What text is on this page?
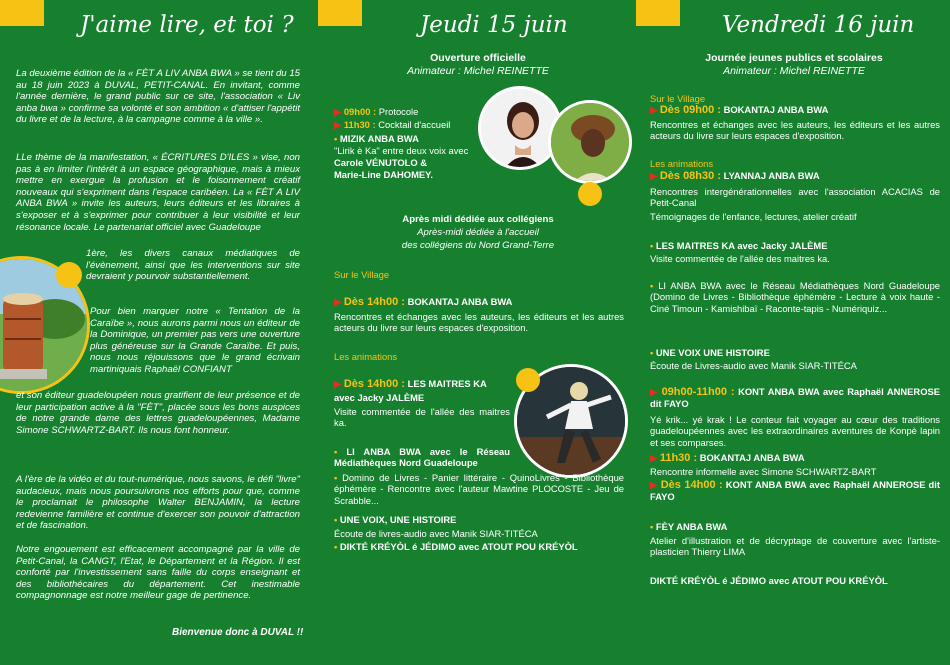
J'aime lire, et toi ?
La deuxième édition de la « FÈT A LIV ANBA BWA » se tient du 15 au 18 juin 2023 à DUVAL, PETIT-CANAL. En invitant, comme l'année dernière, le grand public sur ce site, l'association « Liv anba bwa » confirme sa volonté et son ambition « d'attiser l'appétit du livre et de la lecture, à la campagne comme à la ville ».
LLe thème de la manifestation, « ÉCRITURES D'ILES » vise, non pas à en limiter l'intérêt à un espace géographique, mais à mieux mettre en exergue la profusion et le foisonnement créatif nouveaux qui s'expriment dans l'espace caribéen. La « FÈT A LIV ANBA BWA » invite les auteurs, leurs éditeurs et les libraires à s'exposer et à s'exprimer pour contribuer à leur visibilité et leur résonance locale. Le partenariat officiel avec Guadeloupe
1ère, les divers canaux médiatiques de l'évènement, ainsi que les interventions sur site devraient y pourvoir substantiellement.
Pour bien marquer notre « Tentation de la Caraïbe », nous aurons parmi nous un éditeur de la Dominique, un premier pas vers une ouverture plus généreuse sur la Grande Caraïbe. Et puis, nous nous réjouissons que le grand écrivain martiniquais Raphaël CONFIANT
et son éditeur guadeloupéen nous gratifient de leur présence et de leur participation active à la "FÈT", placée sous les bons auspices de notre grande dame des lettres guadeloupéennes, Madame Simone SCHWARTZ-BART. Ils nous font honneur.
A l'ère de la vidéo et du tout-numérique, nous savons, le défi "livre" audacieux, mais nous poursuivrons nos efforts pour que, comme le proclamait le philosophe Walter BENJAMIN, la lecture redevienne familière et continue d'exercer son pouvoir d'attraction et de fascination.
Notre engouement est efficacement accompagné par la ville de Petit-Canal, la CANGT, l'Etat, le Département et la Région. Il est conforté par l'investissement sans faille du corps enseignant et des bibliothécaires du département. Cet inestimable compagnonnage est notre meilleur gage de pertinence.
Bienvenue donc à DUVAL !!
Jeudi 15 juin
Ouverture officielle
Animateur : Michel REINETTE
▶ 09h00 : Protocole
▶ 11h30 : Cocktail d'accueil
• MIZIK ANBA BWA
"Lirik è Ka" entre deux voix avec
Carole VÉNUTOLO &
Marie-Line DAHOMEY.
Après midi dédiée aux collégiens
Après-midi dédiée à l'accueil
des collégiens du Nord Grand-Terre
Sur le Village
▶ Dès 14h00 : BOKANTAJ ANBA BWA
Rencontres et échanges avec les auteurs, les éditeurs et les autres acteurs du livre sur leurs espaces d'exposition.
Les animations
▶ Dès 14h00 : LES MAITRES KA
avec Jacky JALÈME
Visite commentée de l'allée des maitres ka.
• LI ANBA BWA avec le Réseau Médiathèques Nord Guadeloupe
• Domino de Livres - Panier littéraire - QuinoLivres - Bibliothèque éphémère - Rencontre avec l'auteur Mawtine PLOCOSTE - Jeu de Scrabble...
• UNE VOIX, UNE HISTOIRE
Écoute de livres-audio avec Manik SIAR-TITÉCA
• DIKTÉ KRÉYÒL é JÉDIMO avec ATOUT POU KRÉYÒL
Vendredi 16 juin
Journée jeunes publics et scolaires
Animateur : Michel REINETTE
Sur le Village
▶ Dès 09h00 : BOKANTAJ ANBA BWA
Rencontres et échanges avec les auteurs, les éditeurs et les autres acteurs du livre sur leurs espaces d'exposition.
Les animations
▶ Dès 08h30 : LYANNAJ ANBA BWA
Rencontres intergénérationnelles avec l'association ACACIAS de Petit-Canal
Témoignages de l'enfance, lectures, atelier créatif
• LES MAITRES KA avec Jacky JALÈME
Visite commentée de l'allée des maitres ka.
• LI ANBA BWA avec le Réseau Médiathèques Nord Guadeloupe (Domino de Livres - Bibliothèque éphémère - Lecture à voix haute - Ciné Timoun - Kamishibaï - Raconte-tapis - Numériquiz...
• UNE VOIX UNE HISTOIRE
Écoute de Livres-audio avec Manik SIAR-TITÉCA
▶ 09h00-11h00 : KONT ANBA BWA avec Raphaël ANNEROSE dit FAYO
Yé krik... yé krak ! Le conteur fait voyager au cœur des traditions guadeloupéennes avec les extraordinaires aventures de Konpè lapin et ses comparses.
▶ 11h30 : BOKANTAJ ANBA BWA
Rencontre informelle avec Simone SCHWARTZ-BART
▶ Dès 14h00 : KONT ANBA BWA avec Raphaël ANNEROSE dit FAYO
• FÈY ANBA BWA
Atelier d'illustration et de décryptage de couverture avec l'artiste-plasticien Thierry LIMA
DIKTÉ KRÉYÒL é JÉDIMO avec ATOUT POU KRÉYÒL
